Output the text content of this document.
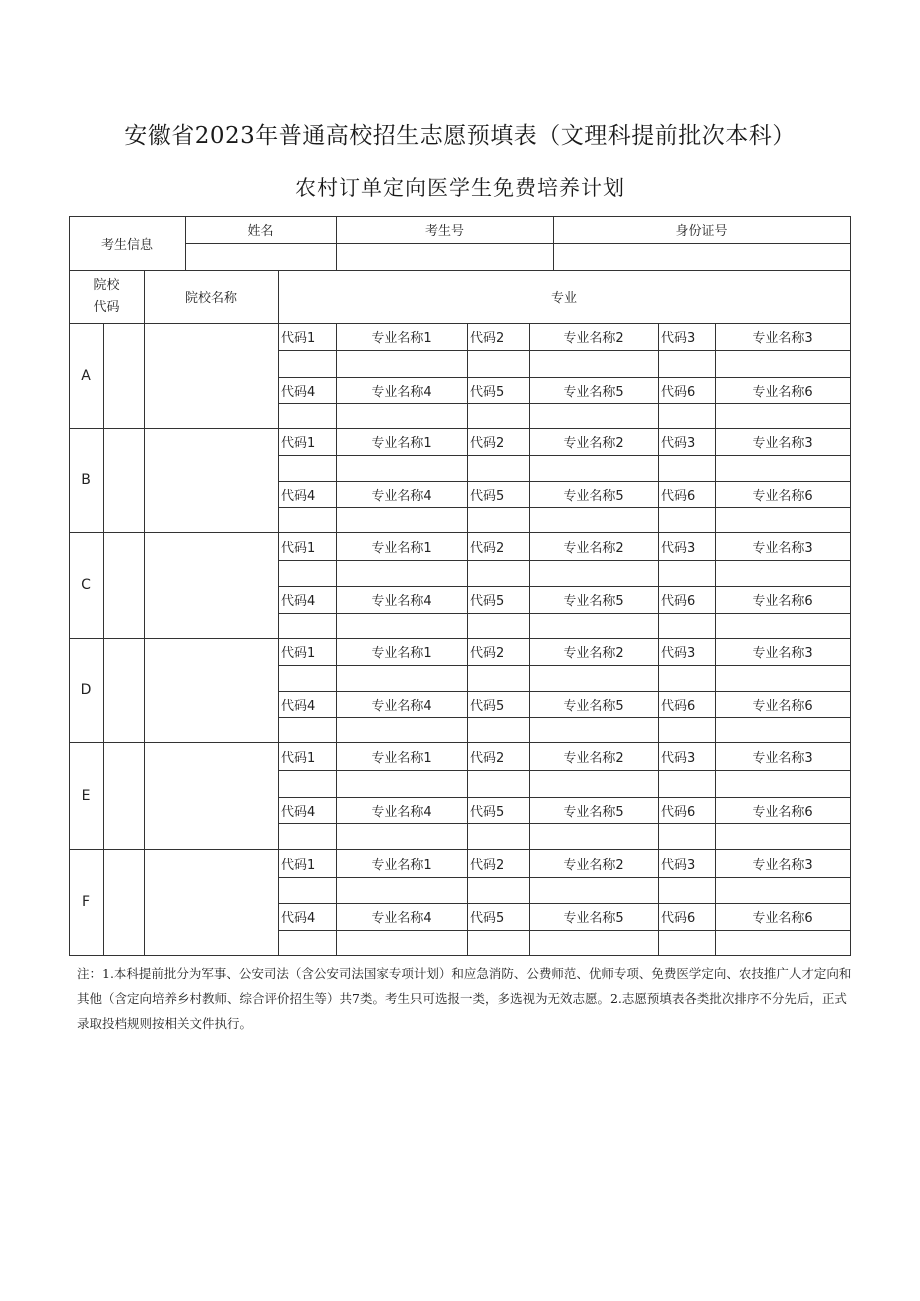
安徽省2023年普通高校招生志愿预填表（文理科提前批次本科）
农村订单定向医学生免费培养计划
考生信息
姓名	考生号	身份证号
院校代码
院校名称	专业
A
代码1	专业名称1	代码2	专业名称2	代码3	专业名称3
代码4	专业名称4	代码5	专业名称5	代码6	专业名称6
B
代码1	专业名称1	代码2	专业名称2	代码3	专业名称3
代码4	专业名称4	代码5	专业名称5	代码6	专业名称6
C
代码1	专业名称1	代码2	专业名称2	代码3	专业名称3
代码4	专业名称4	代码5	专业名称5	代码6	专业名称6
D
代码1	专业名称1	代码2	专业名称2	代码3	专业名称3
代码4	专业名称4	代码5	专业名称5	代码6	专业名称6
E
代码1	专业名称1	代码2	专业名称2	代码3	专业名称3
代码4	专业名称4	代码5	专业名称5	代码6	专业名称6
F
代码1	专业名称1	代码2	专业名称2	代码3	专业名称3
代码4	专业名称4	代码5	专业名称5	代码6	专业名称6
注：1.本科提前批分为军事、公安司法（含公安司法国家专项计划）和应急消防、公费师范、优师专项、免费医学定向、农技推广人才定向和其他（含定向培养乡村教师、综合评价招生等）共7类。考生只可选报一类，多选视为无效志愿。2.志愿预填表各类批次排序不分先后，正式录取投档规则按相关文件执行。
